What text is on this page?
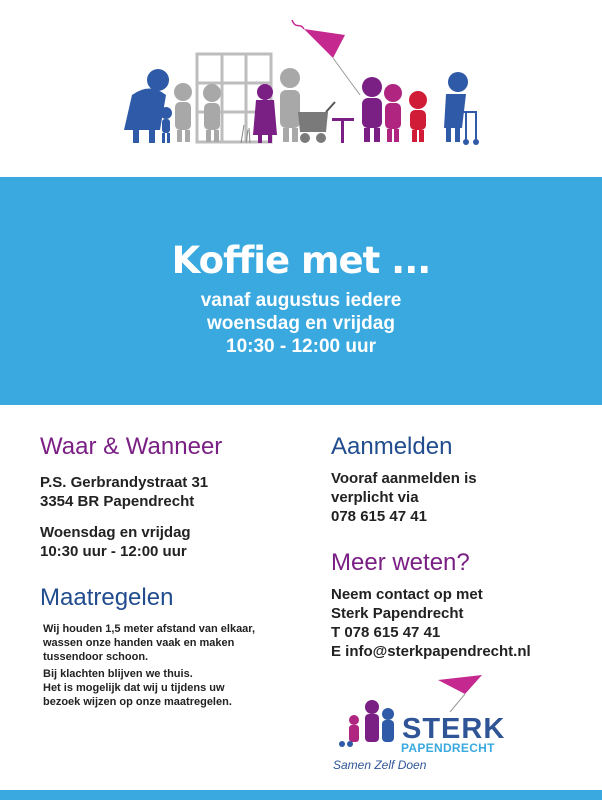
Koffie met ...
vanaf augustus iedere
woensdag en vrijdag
10:30 - 12:00 uur
Waar & Wanneer

P.S. Gerbrandystraat 31

3354 BR Papendrecht

Woensdag en vrijdag

10:30 uur - 12:00 uur

Maatregelen

Wij houden 1,5 meter afstand van elkaar,

wassen onze handen vaak en maken

tussendoor schoon.

Bij klachten blijven we thuis.

Het is mogelijk dat wij u tijdens uw

bezoek wijzen op onze maatregelen.

Aanmelden

Vooraf aanmelden is

verplicht via

078 615 47 41

Meer weten?

Neem contact op met

Sterk Papendrecht

T 078 615 47 41

E info@sterkpapendrecht.nl

STERK
PAPENDRECHT
Samen Zelf Doen
